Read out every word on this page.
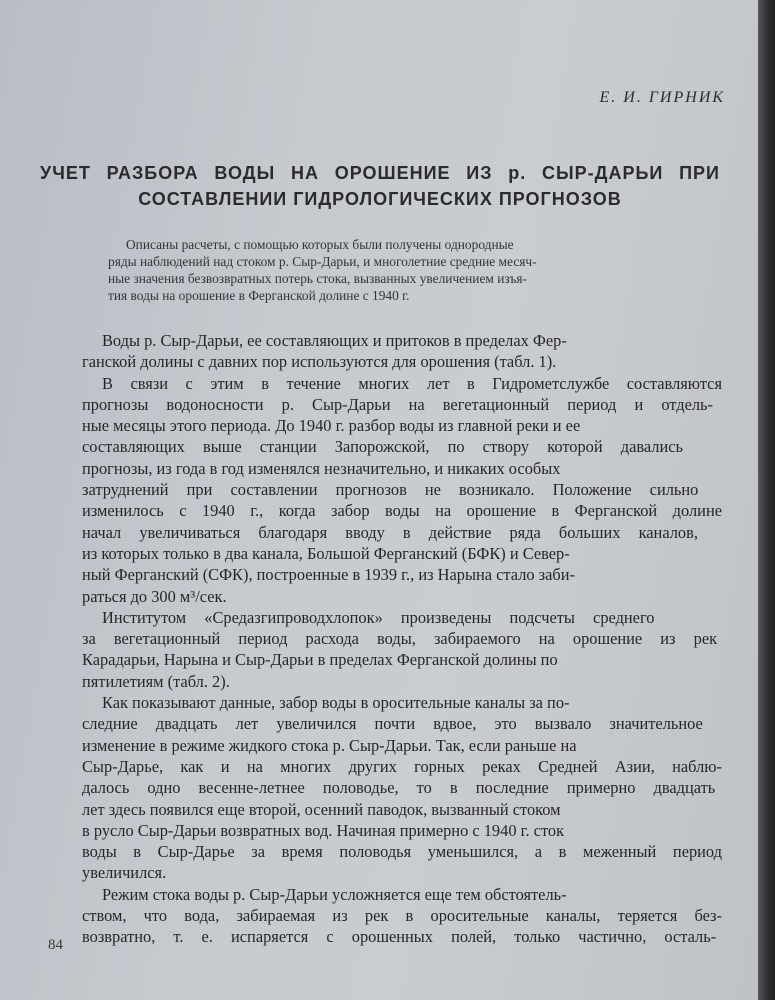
Е. И. ГИРНИК
УЧЕТ РАЗБОРА ВОДЫ НА ОРОШЕНИЕ ИЗ р. СЫР-ДАРЬИ ПРИ
СОСТАВЛЕНИИ ГИДРОЛОГИЧЕСКИХ ПРОГНОЗОВ
Описаны расчеты, с помощью которых были получены однородные
ряды наблюдений над стоком р. Сыр-Дарьи, и многолетние средние месяч-
ные значения безвозвратных потерь стока, вызванных увеличением изъя-
тия воды на орошение в Ферганской долине с 1940 г.
Воды р. Сыр-Дарьи, ее составляющих и притоков в пределах Фер-
ганской долины с давних пор используются для орошения (табл. 1).
В связи с этим в течение многих лет в Гидрометслужбе составляются
прогнозы водоносности р. Сыр-Дарьи на вегетационный период и отдель-
ные месяцы этого периода. До 1940 г. разбор воды из главной реки и ее
составляющих выше станции Запорожской, по створу которой давались
прогнозы, из года в год изменялся незначительно, и никаких особых
затруднений при составлении прогнозов не возникало. Положение сильно
изменилось с 1940 г., когда забор воды на орошение в Ферганской долине
начал увеличиваться благодаря вводу в действие ряда больших каналов,
из которых только в два канала, Большой Ферганский (БФК) и Север-
ный Ферганский (СФК), построенные в 1939 г., из Нарына стало заби-
раться до 300 м³/сек.
Институтом «Средазгипроводхлопок» произведены подсчеты среднего
за вегетационный период расхода воды, забираемого на орошение из рек
Карадарьи, Нарына и Сыр-Дарьи в пределах Ферганской долины по
пятилетиям (табл. 2).
Как показывают данные, забор воды в оросительные каналы за по-
следние двадцать лет увеличился почти вдвое, это вызвало значительное
изменение в режиме жидкого стока р. Сыр-Дарьи. Так, если раньше на
Сыр-Дарье, как и на многих других горных реках Средней Азии, наблю-
далось одно весенне-летнее половодье, то в последние примерно двадцать
лет здесь появился еще второй, осенний паводок, вызванный стоком
в русло Сыр-Дарьи возвратных вод. Начиная примерно с 1940 г. сток
воды в Сыр-Дарье за время половодья уменьшился, а в меженный период
увеличился.
Режим стока воды р. Сыр-Дарьи усложняется еще тем обстоятель-
ством, что вода, забираемая из рек в оросительные каналы, теряется без-
возвратно, т. е. испаряется с орошенных полей, только частично, осталь-
84
